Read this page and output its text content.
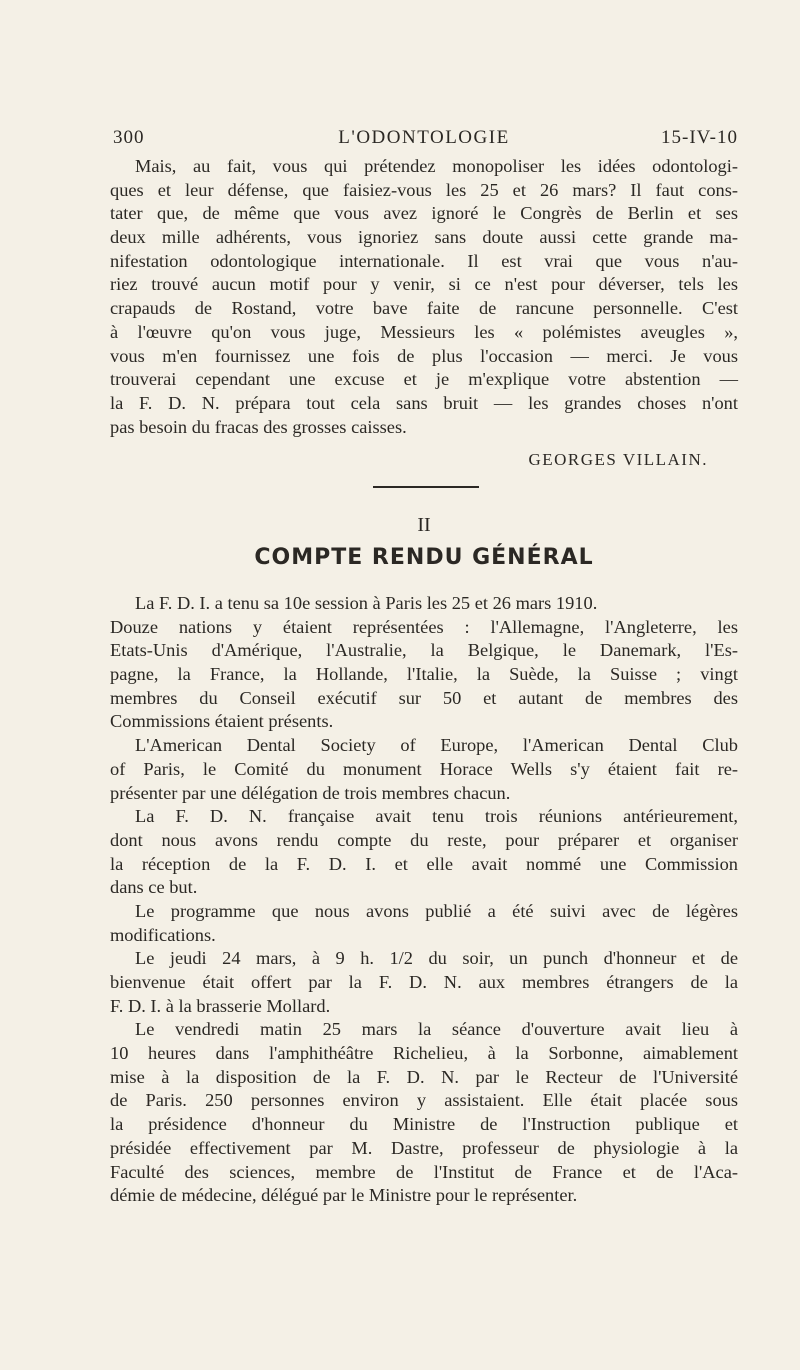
300	L'ODONTOLOGIE	15-IV-10
Mais, au fait, vous qui prétendez monopoliser les idées odontologi-
ques et leur défense, que faisiez-vous les 25 et 26 mars? Il faut cons-
tater que, de même que vous avez ignoré le Congrès de Berlin et ses
deux mille adhérents, vous ignoriez sans doute aussi cette grande ma-
nifestation odontologique internationale. Il est vrai que vous n'au-
riez trouvé aucun motif pour y venir, si ce n'est pour déverser, tels les
crapauds de Rostand, votre bave faite de rancune personnelle. C'est
à l'œuvre qu'on vous juge, Messieurs les « polémistes aveugles »,
vous m'en fournissez une fois de plus l'occasion — merci. Je vous
trouverai cependant une excuse et je m'explique votre abstention —
la F. D. N. prépara tout cela sans bruit — les grandes choses n'ont
pas besoin du fracas des grosses caisses.
GEORGES VILLAIN.
II
COMPTE RENDU GÉNÉRAL
La F. D. I. a tenu sa 10e session à Paris les 25 et 26 mars 1910.
Douze nations y étaient représentées : l'Allemagne, l'Angleterre, les
Etats-Unis d'Amérique, l'Australie, la Belgique, le Danemark, l'Es-
pagne, la France, la Hollande, l'Italie, la Suède, la Suisse ; vingt
membres du Conseil exécutif sur 50 et autant de membres des
Commissions étaient présents.
L'American Dental Society of Europe, l'American Dental Club
of Paris, le Comité du monument Horace Wells s'y étaient fait re-
présenter par une délégation de trois membres chacun.
La F. D. N. française avait tenu trois réunions antérieurement,
dont nous avons rendu compte du reste, pour préparer et organiser
la réception de la F. D. I. et elle avait nommé une Commission
dans ce but.
Le programme que nous avons publié a été suivi avec de légères
modifications.
Le jeudi 24 mars, à 9 h. 1/2 du soir, un punch d'honneur et de
bienvenue était offert par la F. D. N. aux membres étrangers de la
F. D. I. à la brasserie Mollard.
Le vendredi matin 25 mars la séance d'ouverture avait lieu à
10 heures dans l'amphithéâtre Richelieu, à la Sorbonne, aimablement
mise à la disposition de la F. D. N. par le Recteur de l'Université
de Paris. 250 personnes environ y assistaient. Elle était placée sous
la présidence d'honneur du Ministre de l'Instruction publique et
présidée effectivement par M. Dastre, professeur de physiologie à la
Faculté des sciences, membre de l'Institut de France et de l'Aca-
démie de médecine, délégué par le Ministre pour le représenter.
